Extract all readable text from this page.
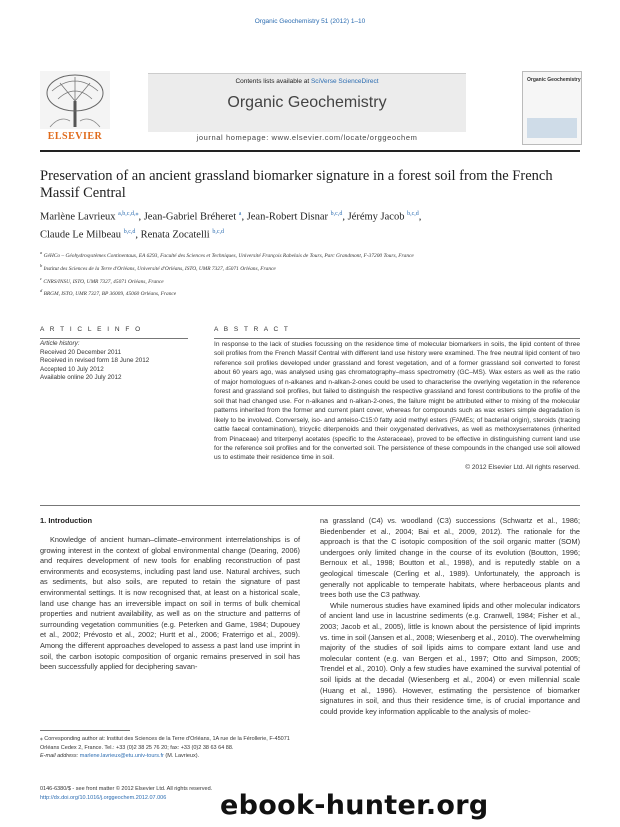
Organic Geochemistry 51 (2012) 1–10
ELSEVIER
Contents lists available at SciVerse ScienceDirect
Organic Geochemistry
journal homepage: www.elsevier.com/locate/orggeochem
Organic Geochemistry
Preservation of an ancient grassland biomarker signature in a forest soil from the French Massif Central
Marlène Lavrieux $^{a,b,c,d,⁎}$, Jean-Gabriel Bréheret $^a$, Jean-Robert Disnar $^{b,c,d}$, Jérémy Jacob $^{b,c,d}$,
Claude Le Milbeau $^{b,c,d}$, Renata Zocatelli $^{b,c,d}$
$^a$ GéHCo – Géohydrosystèmes Continentaux, EA 6293, Faculté des Sciences et Techniques, Université François Rabelais de Tours, Parc Grandmont, F-37200 Tours, France
$^b$ Institut des Sciences de la Terre d'Orléans, Université d'Orléans, ISTO, UMR 7327, 45071 Orléans, France
$^c$ CNRS/INSU, ISTO, UMR 7327, 45071 Orléans, France
$^d$ BRGM, ISTO, UMR 7327, BP 36009, 45060 Orléans, France
A R T I C L E I N F O	A B S T R A C T
Article history:
Received 20 December 2011
Received in revised form 18 June 2012
Accepted 10 July 2012
Available online 20 July 2012
In response to the lack of studies focussing on the residence time of molecular biomarkers in soils, the lipid content of three soil profiles from the French Massif Central with different land use history were examined. The free neutral lipid content of two reference soil profiles developed under grassland and forest vegetation, and of a former grassland soil converted to forest about 60 years ago, was analysed using gas chromatography–mass spectrometry (GC–MS). Wax esters as well as the ratio of major homologues of n-alkanes and n-alkan-2-ones could be used to characterise the overlying vegetation in the reference forest and grassland soil profiles, but failed to distinguish the respective grassland and forest contributions to the profile of the soil that had changed use. For n-alkanes and n-alkan-2-ones, the failure might be attributed either to mixing of the molecular patterns inherited from the former and current plant cover, whereas for compounds such as wax esters simple degradation is likely to be involved. Conversely, iso- and anteiso-C15:0 fatty acid methyl esters (FAMEs; of bacterial origin), steroids (tracing cattle faecal contamination), tricyclic diterpenoids and their oxygenated derivatives, as well as methoxyserratenes (inherited from Pinaceae) and triterpenyl acetates (specific to the Asteraceae), proved to be effective in distinguishing current land use for the reference soil profiles and for the converted soil. The persistence of these compounds in the changed use soil allowed us to estimate their residence time in soil.
© 2012 Elsevier Ltd. All rights reserved.
1. Introduction

Knowledge of ancient human–climate–environment interrelationships is of growing interest in the context of global environmental change (Dearing, 2006) and requires development of new tools for enabling reconstruction of past environments and ecosystems, including past land use. Natural archives, such as sediments, but also soils, are reputed to retain the signature of past environmental settings. It is now recognised that, at least on a historical scale, land use change has an irreversible impact on soil in terms of bulk chemical properties and nutrient availability, as well as on the structure and patterns of surrounding vegetation communities (e.g. Peterken and Game, 1984; Dupouey et al., 2002; Prévosto et al., 2002; Hurtt et al., 2006; Fraterrigo et al., 2009). Among the different approaches developed to assess a past land use imprint in soil, the carbon isotopic composition of organic remains preserved in soil has been successfully applied for deciphering savan-

na grassland (C4) vs. woodland (C3) successions (Schwartz et al., 1986; Biedenbender et al., 2004; Bai et al., 2009, 2012). The rationale for the approach is that the C isotopic composition of the soil organic matter (SOM) undergoes only limited change in the course of its evolution (Boutton, 1996; Bernoux et al., 1998; Boutton et al., 1998), and is reputedly stable on a geological timescale (Cerling et al., 1989). Unfortunately, the approach is generally not applicable to temperate habitats, where herbaceous plants and trees both use the C3 pathway.

While numerous studies have examined lipids and other molecular indicators of ancient land use in lacustrine sediments (e.g. Cranwell, 1984; Fisher et al., 2003; Jacob et al., 2005), little is known about the persistence of lipid imprints vs. time in soil (Jansen et al., 2008; Wiesenberg et al., 2010). The overwhelming majority of the studies of soil lipids aims to compare extant land use and molecular content (e.g. van Bergen et al., 1997; Otto and Simpson, 2005; Trendel et al., 2010). Only a few studies have examined the survival potential of soil lipids at the decadal (Wiesenberg et al., 2004) or even millennial scale (Huang et al., 1996). However, estimating the persistence of biomarker signatures in soil, and thus their residence time, is of crucial importance and could provide key information applicable to the analysis of molec-

⁎ Corresponding author at: Institut des Sciences de la Terre d'Orléans, 1A rue de la Férollerie, F-45071 Orléans Cedex 2, France. Tel.: +33 (0)2 38 25 76 20; fax: +33 (0)2 38 63 64 88.
E-mail address: marlene.lavrieux@etu.univ-tours.fr (M. Lavrieux).
0146-6380/$ - see front matter © 2012 Elsevier Ltd. All rights reserved.
http://dx.doi.org/10.1016/j.orggeochem.2012.07.006	ebook-hunter.org
